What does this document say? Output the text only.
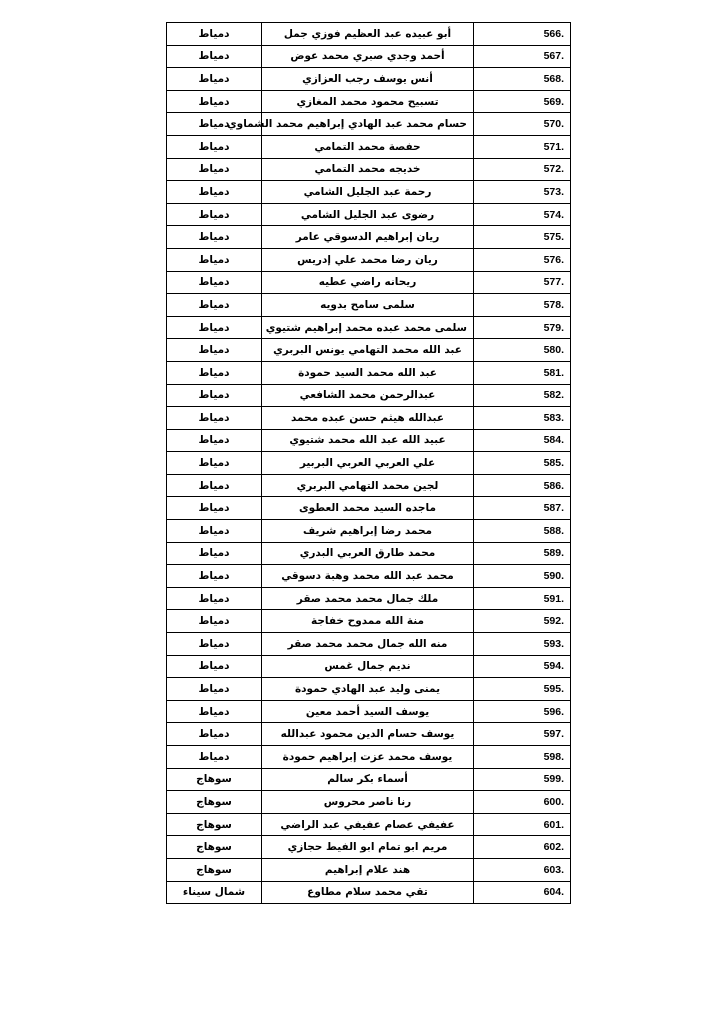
دمياط	أبو عبيده عبد العظيم فوزي جمل	566.
دمياط	أحمد وجدي صبري محمد عوض	567.
دمياط	أنس يوسف رجب العزازي	568.
دمياط	تسبيح محمود محمد المغازي	569.
دمياط	حسام محمد عبد الهادي إبراهيم محمد الشماوي	570.
دمياط	حفصة محمد التمامي	571.
دمياط	خديجه محمد التمامي	572.
دمياط	رحمة عبد الجليل الشامي	573.
دمياط	رضوى عبد الجليل الشامي	574.
دمياط	ريان إبراهيم الدسوقي عامر	575.
دمياط	ريان رضا محمد علي إدريس	576.
دمياط	ريحانه راضي عطيه	577.
دمياط	سلمى سامح بدويه	578.
دمياط	سلمى محمد عبده محمد إبراهيم شتيوي	579.
دمياط	عبد الله محمد التهامي يونس البربري	580.
دمياط	عبد الله محمد السيد حمودة	581.
دمياط	عبدالرحمن محمد الشافعي	582.
دمياط	عبدالله هيثم حسن عبده محمد	583.
دمياط	عبيد الله عبد الله محمد شتيوي	584.
دمياط	علي العربي العربي البربير	585.
دمياط	لجين محمد التهامي البربري	586.
دمياط	ماجده السيد محمد العطوى	587.
دمياط	محمد رضا إبراهيم شريف	588.
دمياط	محمد طارق العربي البدري	589.
دمياط	محمد عبد الله محمد وهبة دسوقي	590.
دمياط	ملك جمال محمد محمد صقر	591.
دمياط	منة الله ممدوح خفاجة	592.
دمياط	منه الله جمال محمد محمد صقر	593.
دمياط	نديم جمال غمس	594.
دمياط	يمنى وليد عبد الهادي حمودة	595.
دمياط	يوسف السيد أحمد معين	596.
دمياط	يوسف حسام الدين محمود عبدالله	597.
دمياط	يوسف محمد عزت إبراهيم حمودة	598.
سوهاج	أسماء بكر سالم	599.
سوهاج	رنا ناصر محروس	600.
سوهاج	عفيفي عصام عفيفي عبد الراضي	601.
سوهاج	مريم ابو تمام ابو الفيط حجازي	602.
سوهاج	هند علام إبراهيم	603.
شمال سيناء	تقي محمد سلام مطاوع	604.
